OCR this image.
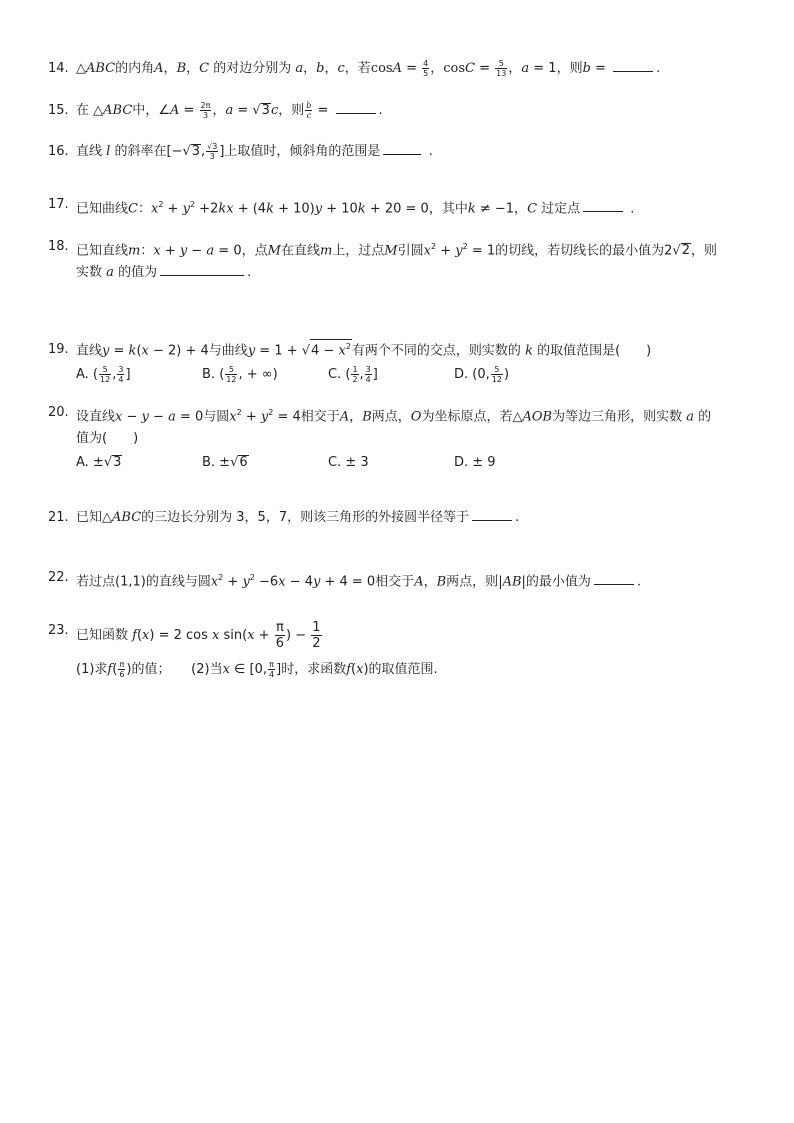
14. △ABC的内角A，B，C 的对边分别为 a，b，c，若$\cos A = \frac{4}{5}$ ，$\cos C = \frac{5}{13}$ ，a = 1，则b =	.
15. 在 △ABC中，∠A = $\frac{2\pi}{3}$ ，a = √3c，则 $\frac{b}{c}$ =	.
16. 直线 l 的斜率在[−√3, $\frac{√3}{3}$ ]上取值时，倾斜角的范围是	.
17. 已知曲线C：$x^2 + y^2 +2kx + (4k + 10)y + 10k + 20 = 0$，其中k ≠ −1，C 过定点	.
18. 已知直线m：x + y − a = 0，点M在直线m上，过点M引圆$x^2 + y^2 = 1$的切线，若切线长的最小值为2√2，则
实数 a 的值为	.
19. 直线y = k(x − 2) + 4与曲线$y = 1 + √4 - x^2$有两个不同的交点，则实数的 k 的取值范围是(　　)
A. ( $\frac{5}{12}$ , $\frac{3}{4}$ ]	B. ( $\frac{5}{12}$ , + ∞)	C. ( $\frac{1}{2}$ , $\frac{3}{4}$ ]	D. (0, $\frac{5}{12}$ )
20. 设直线x − y − a = 0与圆$x^2 + y^2 = 4$相交于A，B两点，O为坐标原点，若△AOB为等边三角形，则实数 a 的
值为(　　)
A. ±√3	B. ±√6	C. ± 3	D. ± 9
21. 已知△ABC的三边长分别为 3，5，7，则该三角形的外接圆半径等于	.
22. 若过点(1,1)的直线与圆$x^2 + y^2 -6x - 4y + 4 = 0$相交于A，B两点，则|AB|的最小值为	.
23. 已知函数 f(x) = 2 cos x $\sin(x + \frac{\pi}{6}$ ) − $\frac{1}{2}$
(1)求$f( \frac{\pi}{6}$ )的值； (2)当x ∈ [0, $\frac{\pi}{4}$ ]时，求函数f(x)的取值范围.
